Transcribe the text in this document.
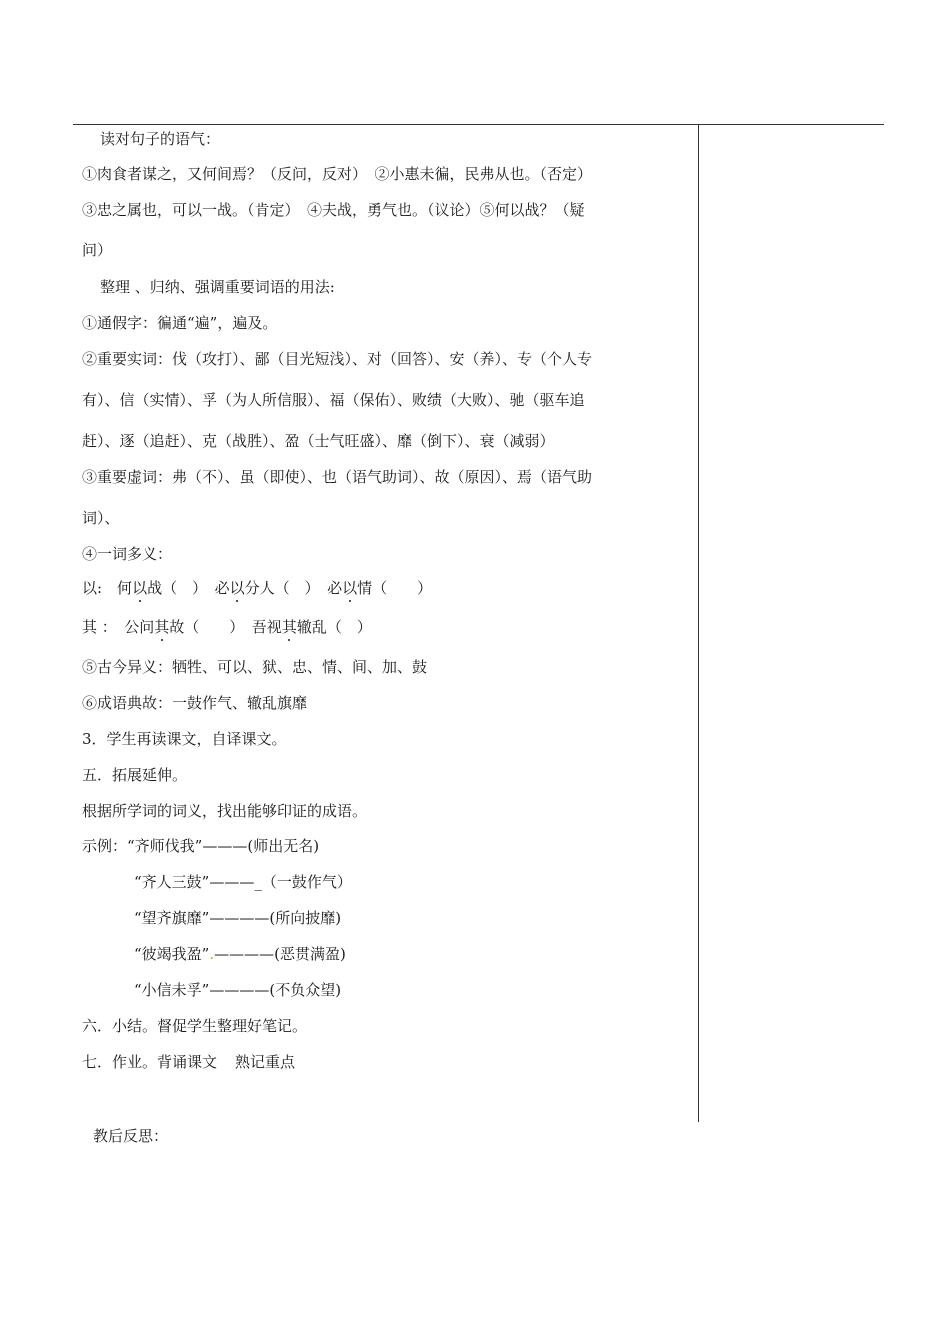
读对句子的语气：
①肉食者谋之，又何间焉？（反问，反对）　②小惠未徧，民弗从也。（否定）
③忠之属也，可以一战。（肯定）　④夫战，勇气也。（议论）⑤何以战？（疑
问）
整理 、归纳、强调重要词语的用法:
①通假字：徧通“遍”，遍及。
②重要实词：伐（攻打）、鄙（目光短浅）、对（回答）、安（养）、专（个人专
有）、信（实情）、孚（为人所信服）、福（保佑）、败绩（大败）、驰（驱车追
赶）、逐（追赶）、克（战胜）、盈（士气旺盛）、靡（倒下）、衰（减弱）
③重要虚词：弗（不）、虽（即使）、也（语气助词）、故（原因）、焉（语气助
词）、
④一词多义：
以:　何以战（　）　必以分人（　）　必以情（　　）
其 ：　公问其故（　　）　吾视其辙乱（　）
⑤古今异义：牺牲、可以、狱、忠、情、间、加、鼓
⑥成语典故：一鼓作气、辙乱旗靡
3．学生再读课文，自译课文。
五．拓展延伸。
根据所学词的词义，找出能够印证的成语。
示例：“齐师伐我”———(师出无名)
“齐人三鼓”———_（一鼓作气）
“望齐旗靡”————(所向披靡)
“彼竭我盈”.————(恶贯满盈)
“小信未孚”————(不负众望)
六．小结。督促学生整理好笔记。
七．作业。背诵课文 熟记重点
教后反思：
